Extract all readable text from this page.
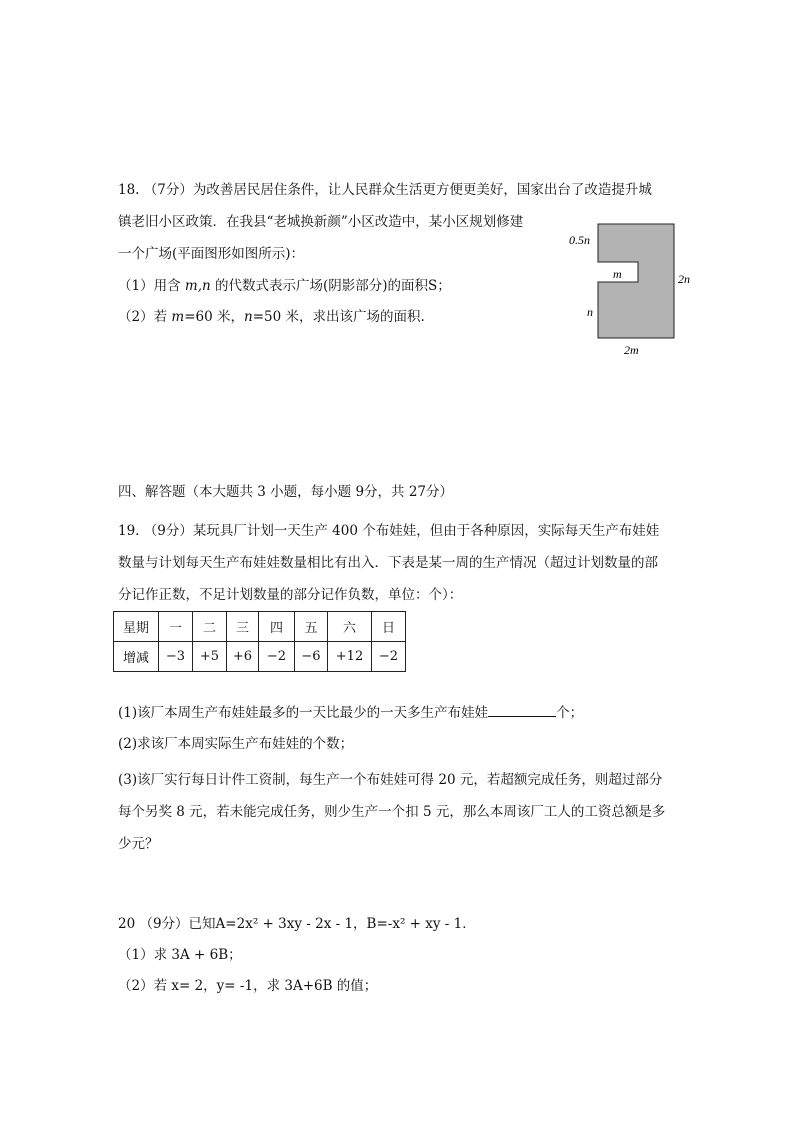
18. （7分）为改善居民居住条件，让人民群众生活更方便更美好，国家出台了改造提升城
镇老旧小区政策．在我县“老城换新颜”小区改造中，某小区规划修建
一个广场(平面图形如图所示)：
（1）用含 m,n 的代数式表示广场(阴影部分)的面积S；
（2）若 m=60 米，n=50 米，求出该广场的面积.
0.5n
m	2n
n
2m
四、解答题（本大题共 3 小题，每小题 9分，共 27分）
19. （9分）某玩具厂计划一天生产 400 个布娃娃，但由于各种原因，实际每天生产布娃娃
数量与计划每天生产布娃娃数量相比有出入．下表是某一周的生产情况（超过计划数量的部
分记作正数，不足计划数量的部分记作负数，单位：个）：
星期	一	二	三	四	五	六	日
增减	−3	+5	+6	−2	−6	+12	−2
(1)该厂本周生产布娃娃最多的一天比最少的一天多生产布娃娃	个；
(2)求该厂本周实际生产布娃娃的个数；
(3)该厂实行每日计件工资制，每生产一个布娃娃可得 20 元，若超额完成任务，则超过部分
每个另奖 8 元，若未能完成任务，则少生产一个扣 5 元，那么本周该厂工人的工资总额是多
少元？
20 （9分）已知A=2x² + 3xy - 2x - 1，B=-x² + xy - 1．
（1）求 3A + 6B；
（2）若 x= 2，y= -1，求 3A+6B 的值；
